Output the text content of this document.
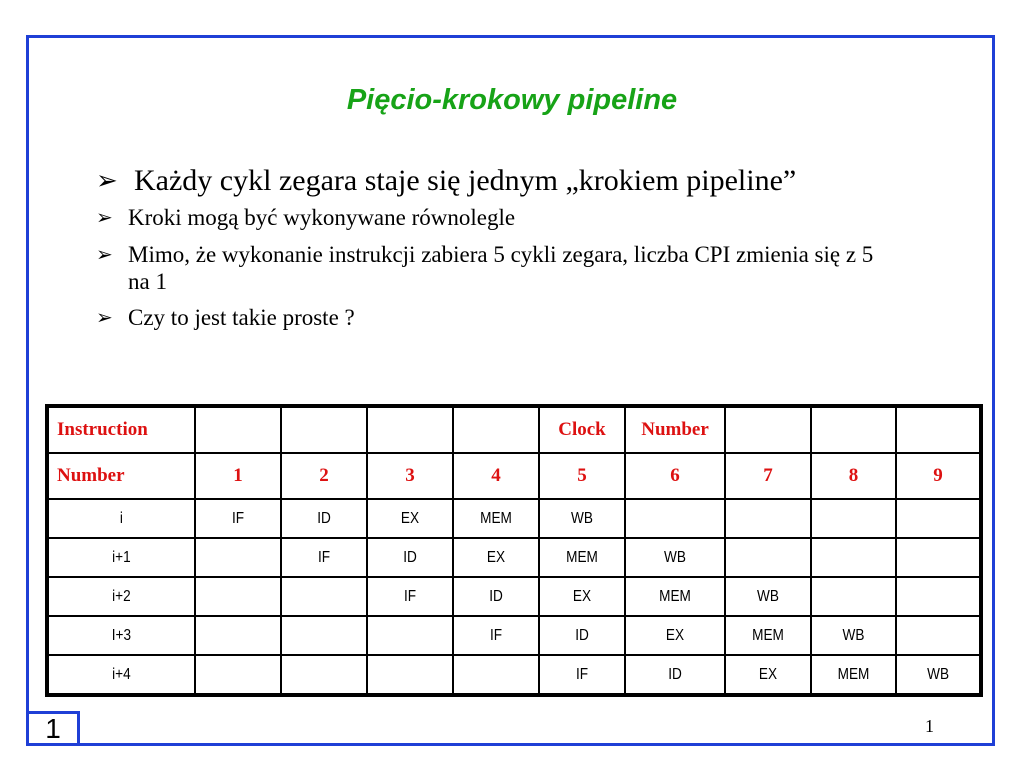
Pięcio-krokowy pipeline
➢ Każdy cykl zegara staje się jednym „krokiem pipeline”
➢ Kroki mogą być wykonywane równolegle
➢ Mimo, że wykonanie instrukcji zabiera 5 cykli zegara, liczba CPI zmienia się z 5 na 1
➢ Czy to jest takie proste ?
Instruction					Clock	Number			
Number	1	2	3	4	5	6	7	8	9
i	IF	ID	EX	MEM	WB				
i+1		IF	ID	EX	MEM	WB			
i+2			IF	ID	EX	MEM	WB		
I+3				IF	ID	EX	MEM	WB	
i+4					IF	ID	EX	MEM	WB
1	1
